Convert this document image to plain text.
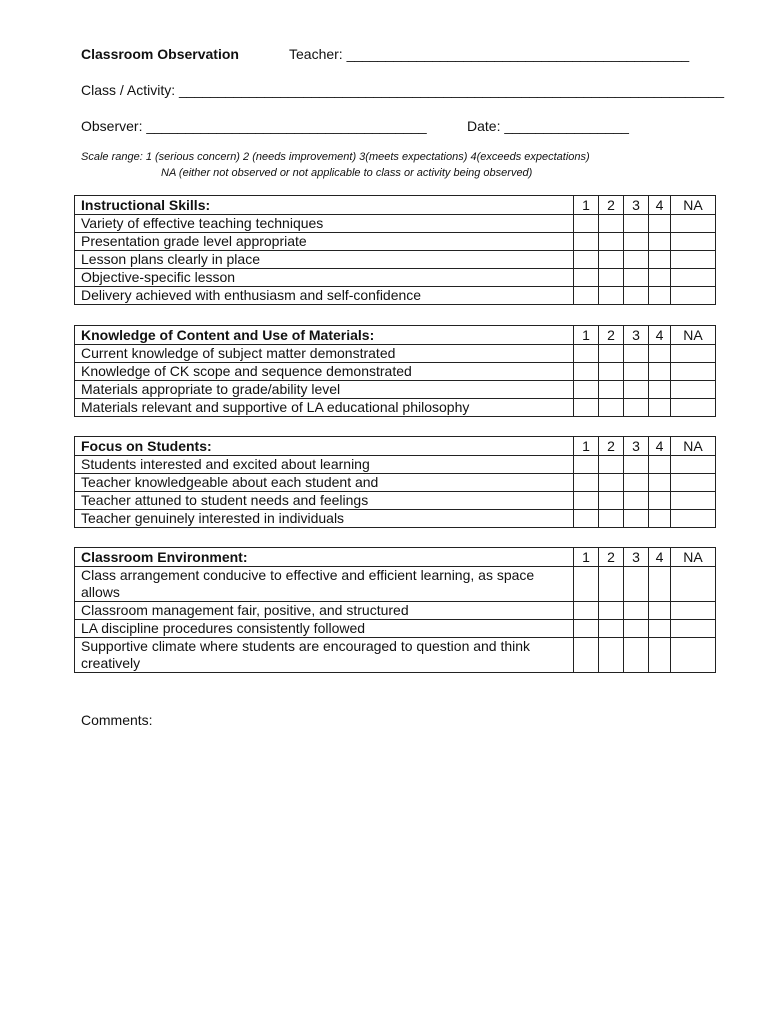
Classroom Observation	Teacher: ____________________________________________
Class / Activity: ______________________________________________________________________
Observer: ____________________________________	Date: ________________
Scale range: 1 (serious concern) 2 (needs improvement) 3(meets expectations) 4(exceeds expectations)
NA (either not observed or not applicable to class or activity being observed)
Instructional Skills:	1	2	3	4	NA
Variety of effective teaching techniques					
Presentation grade level appropriate					
Lesson plans clearly in place					
Objective-specific lesson					
Delivery achieved with enthusiasm and self-confidence					
Knowledge of Content and Use of Materials:	1	2	3	4	NA
Current knowledge of subject matter demonstrated					
Knowledge of CK scope and sequence demonstrated					
Materials appropriate to grade/ability level					
Materials relevant and supportive of LA educational philosophy					
Focus on Students:	1	2	3	4	NA
Students interested and excited about learning					
Teacher knowledgeable about each student and					
Teacher attuned to student needs and feelings					
Teacher genuinely interested in individuals					
Classroom Environment:	1	2	3	4	NA
Class arrangement conducive to effective and efficient learning, as space allows					
Classroom management fair, positive, and structured					
LA discipline procedures consistently followed					
Supportive climate where students are encouraged to question and think creatively					
Comments:
